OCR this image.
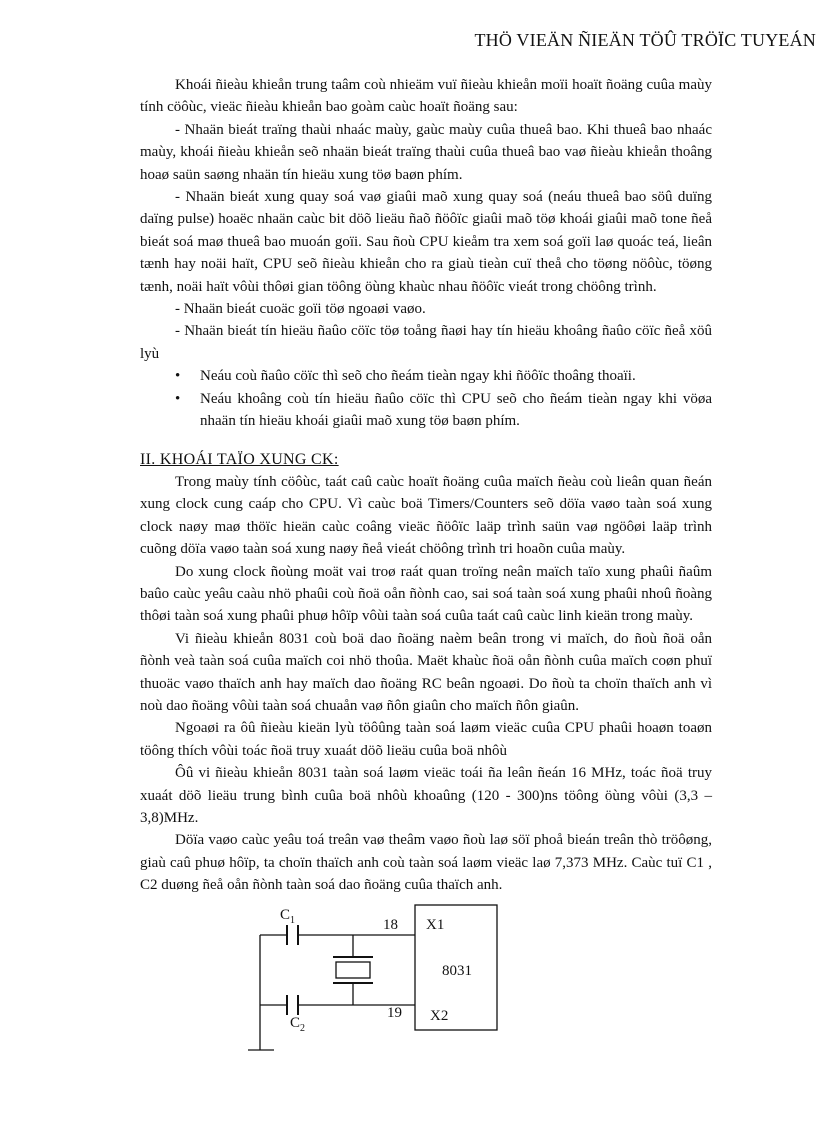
THÖ VIEÄN ÑIEÄN TÖÛ TRÖÏC TUYEÁN

Khoái ñieàu khieån trung taâm coù nhieäm vuï ñieàu khieån moïi hoaït ñoäng cuûa maùy tính cöôùc, vieäc ñieàu khieån bao goàm caùc hoaït ñoäng sau:

- Nhaän bieát traïng thaùi nhaác maùy, gaùc maùy cuûa thueâ bao. Khi thueâ bao nhaác maùy, khoái ñieàu khieån seõ nhaän bieát traïng thaùi cuûa thueâ bao vaø ñieàu khieån thoâng hoaø saün saøng nhaän tín hieäu xung töø baøn phím.

- Nhaän bieát xung quay soá vaø giaûi maõ xung quay soá (neáu thueâ bao söû duïng daïng pulse) hoaëc nhaän caùc bit döõ lieäu ñaõ ñöôïc giaûi maõ töø khoái giaûi maõ tone ñeå bieát soá maø thueâ bao muoán goïi. Sau ñoù CPU kieåm tra xem soá goïi laø quoác teá, lieân tænh hay noäi haït, CPU seõ ñieàu khieån cho ra giaù tieàn cuï theå cho töøng nöôùc, töøng tænh, noäi haït vôùi thôøi gian töông öùng khaùc nhau ñöôïc vieát trong chöông trình.

- Nhaän bieát cuoäc goïi töø ngoaøi vaøo.

- Nhaän bieát tín hieäu ñaûo cöïc töø toång ñaøi hay tín hieäu khoâng ñaûo cöïc ñeå xöû lyù

• Neáu coù ñaûo cöïc thì seõ cho ñeám tieàn ngay khi ñöôïc thoâng thoaïi.
• Neáu khoâng coù tín hieäu ñaûo cöïc thì CPU seõ cho ñeám tieàn ngay khi vöøa nhaän tín hieäu khoái giaûi maõ xung töø baøn phím.

II. KHOÁI TAÏO XUNG CK:

Trong maùy tính cöôùc, taát caû caùc hoaït ñoäng cuûa maïch ñeàu coù lieân quan ñeán xung clock cung caáp cho CPU. Vì caùc boä Timers/Counters seõ döïa vaøo taàn soá xung clock naøy maø thöïc hieän caùc coâng vieäc ñöôïc laäp trình saün vaø ngöôøi laäp trình cuõng döïa vaøo taàn soá xung naøy ñeå vieát chöông trình tri hoaõn cuûa maùy.

Do xung clock ñoùng moät vai troø raát quan troïng neân maïch taïo xung phaûi ñaûm baûo caùc yeâu caàu nhö phaûi coù ñoä oån ñònh cao, sai soá taàn soá xung phaûi nhoû ñoàng thôøi taàn soá xung phaûi phuø hôïp vôùi taàn soá cuûa taát caû caùc linh kieän trong maùy.

Vi ñieàu khieån 8031 coù boä dao ñoäng naèm beân trong vi maïch, do ñoù ñoä oån ñònh veà taàn soá cuûa maïch coi nhö thoûa. Maët khaùc ñoä oån ñònh cuûa maïch coøn phuï thuoäc vaøo thaïch anh hay maïch dao ñoäng RC beân ngoaøi. Do ñoù ta choïn thaïch anh vì noù dao ñoäng vôùi taàn soá chuaån vaø ñôn giaûn cho maïch ñôn giaûn.

Ngoaøi ra ôû ñieàu kieän lyù töôûng taàn soá laøm vieäc cuûa CPU phaûi hoaøn toaøn töông thích vôùi toác ñoä truy xuaát döõ lieäu cuûa boä nhôù

Ôû vi ñieàu khieån 8031 taàn soá laøm vieäc toái ña leân ñeán 16 MHz, toác ñoä truy xuaát döõ lieäu trung bình cuûa boä nhôù khoaûng (120 - 300)ns töông öùng vôùi (3,3 – 3,8)MHz.

Döïa vaøo caùc yeâu toá treân vaø theâm vaøo ñoù laø söï phoå bieán treân thò tröôøng, giaù caû phuø hôïp, ta choïn thaïch anh coù taàn soá laøm vieäc laø 7,373 MHz. Caùc tuï C1 , C2 duøng ñeå oån ñònh taàn soá dao ñoäng cuûa thaïch anh.

$C_1$
$C_2$
18
19
X1
X2
8031
